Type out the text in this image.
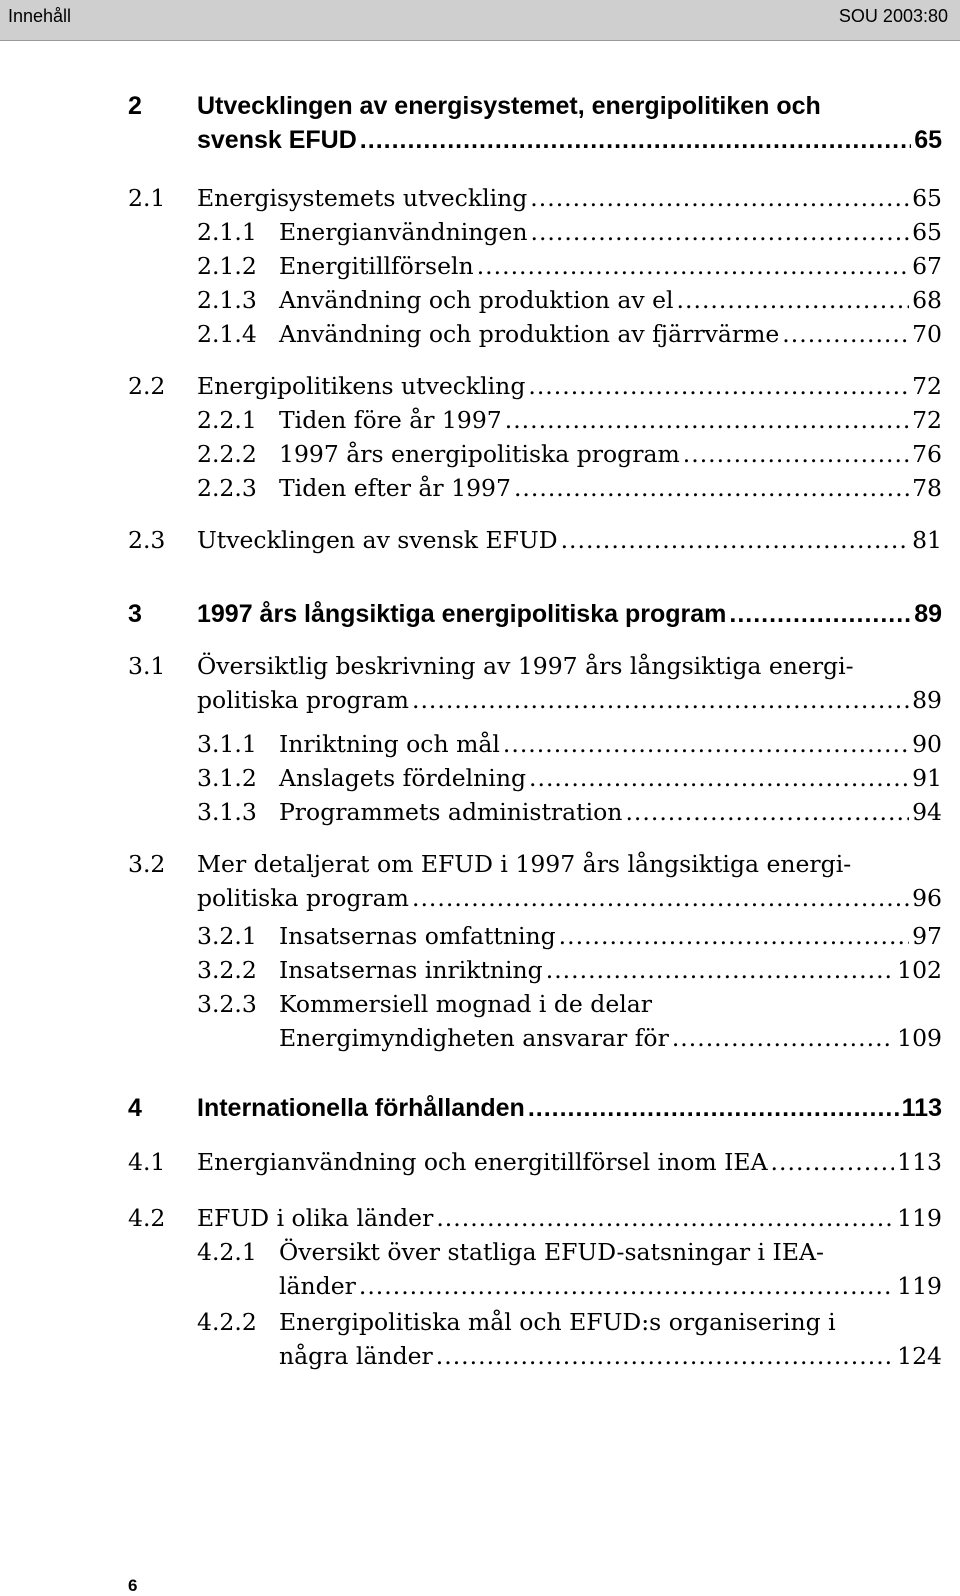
Innehåll	SOU 2003:80
2 Utvecklingen av energisystemet, energipolitiken och
svensk EFUD .....	65
2.1 Energisystemets utveckling .....	65
2.1.1 Energianvändningen .....	65
2.1.2 Energitillförseln .....	67
2.1.3 Användning och produktion av el .....	68
2.1.4 Användning och produktion av fjärrvärme .....	70
2.2 Energipolitikens utveckling .....	72
2.2.1 Tiden före år 1997 .....	72
2.2.2 1997 års energipolitiska program .....	76
2.2.3 Tiden efter år 1997 .....	78
2.3 Utvecklingen av svensk EFUD .....	81
3 1997 års långsiktiga energipolitiska program .....	89
3.1 Översiktlig beskrivning av 1997 års långsiktiga energi-
politiska program .....	89
3.1.1 Inriktning och mål .....	90
3.1.2 Anslagets fördelning .....	91
3.1.3 Programmets administration .....	94
3.2 Mer detaljerat om EFUD i 1997 års långsiktiga energi-
politiska program .....	96
3.2.1 Insatsernas omfattning .....	97
3.2.2 Insatsernas inriktning .....	102
3.2.3 Kommersiell mognad i de delar
Energimyndigheten ansvarar för .....	109
4 Internationella förhållanden .....	113
4.1 Energianvändning och energitillförsel inom IEA .....	113
4.2 EFUD i olika länder .....	119
4.2.1 Översikt över statliga EFUD-satsningar i IEA-
länder .....	119
4.2.2 Energipolitiska mål och EFUD:s organisering i
några länder .....	124
6
